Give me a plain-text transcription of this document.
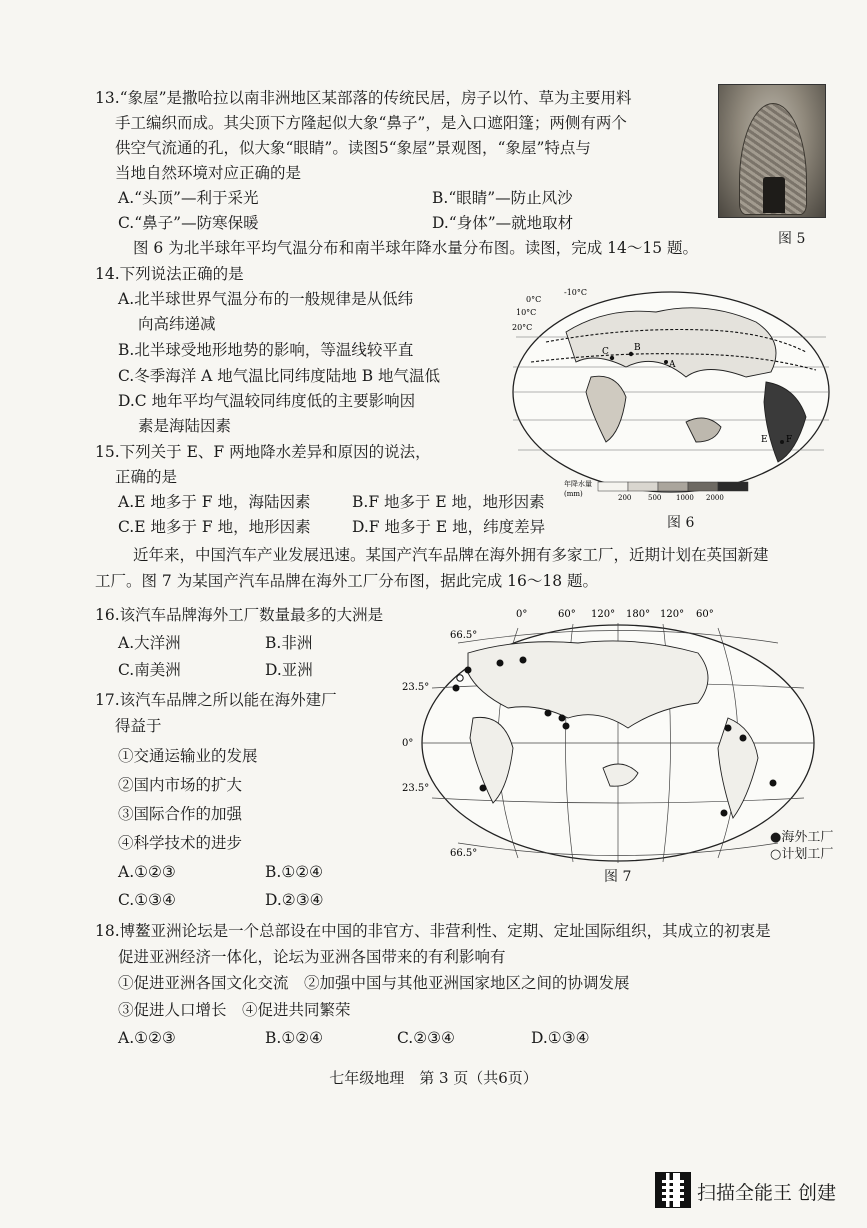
13.“象屋”是撒哈拉以南非洲地区某部落的传统民居，房子以竹、草为主要用料
手工编织而成。其尖顶下方隆起似大象“鼻子”，是入口遮阳篷；两侧有两个
供空气流通的孔，似大象“眼睛”。读图5“象屋”景观图，“象屋”特点与
当地自然环境对应正确的是
A.“头顶”—利于采光	B.“眼睛”—防止风沙
C.“鼻子”—防寒保暖	D.“身体”—就地取材
图 5
图 6 为北半球年平均气温分布和南半球年降水量分布图。读图，完成 14～15 题。
14.下列说法正确的是
A.北半球世界气温分布的一般规律是从低纬
向高纬递减
B.北半球受地形地势的影响，等温线较平直
C.冬季海洋 A 地气温比同纬度陆地 B 地气温低
D.C 地年平均气温较同纬度低的主要影响因
素是海陆因素
15.下列关于 E、F 两地降水差异和原因的说法，
正确的是
A.E 地多于 F 地，海陆因素	B.F 地多于 E 地，地形因素
C.E 地多于 F 地，地形因素	D.F 地多于 E 地，纬度差异
-10°C
0°C
10°C
20°C
B
A
C
E F
年降水量
(mm)	200 500 1000 2000
图 6
近年来，中国汽车产业发展迅速。某国产汽车品牌在海外拥有多家工厂，近期计划在英国新建
工厂。图 7 为某国产汽车品牌在海外工厂分布图，据此完成 16～18 题。
16.该汽车品牌海外工厂数量最多的大洲是
A.大洋洲	B.非洲
C.南美洲	D.亚洲
17.该汽车品牌之所以能在海外建厂
得益于
①交通运输业的发展
②国内市场的扩大
③国际合作的加强
④科学技术的进步
A.①②③	B.①②④
C.①③④	D.②③④
0°	60° 120° 180° 120° 60°
66.5°
23.5°
0°
23.5°
66.5°
●海外工厂
○计划工厂
图 7
18.博鳌亚洲论坛是一个总部设在中国的非官方、非营利性、定期、定址国际组织，其成立的初衷是
促进亚洲经济一体化，论坛为亚洲各国带来的有利影响有
①促进亚洲各国文化交流　②加强中国与其他亚洲国家地区之间的协调发展
③促进人口增长　④促进共同繁荣
A.①②③	B.①②④	C.②③④	D.①③④
七年级地理　第 3 页（共6页）
扫描全能王 创建
